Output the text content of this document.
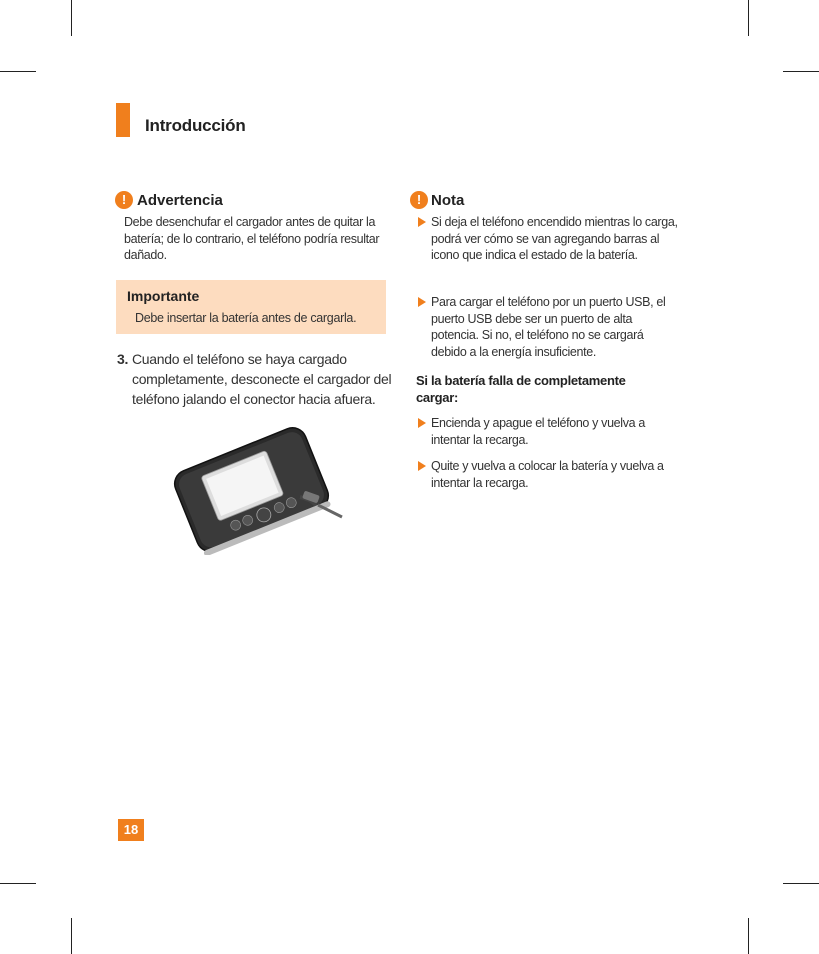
Introducción
! Advertencia
Debe desenchufar el cargador antes de quitar la batería; de lo contrario, el teléfono podría resultar dañado.
Importante
Debe insertar la batería antes de cargarla.
3. Cuando el teléfono se haya cargado completamente, desconecte el cargador del teléfono jalando el conector hacia afuera.
! Nota
Si deja el teléfono encendido mientras lo carga, podrá ver cómo se van agregando barras al icono que indica el estado de la batería.
Para cargar el teléfono por un puerto USB, el puerto USB debe ser un puerto de alta potencia. Si no, el teléfono no se cargará debido a la energía insuficiente.
Si la batería falla de completamente cargar:
Encienda y apague el teléfono y vuelva a intentar la recarga.
Quite y vuelva a colocar la batería y vuelva a intentar la recarga.
18
